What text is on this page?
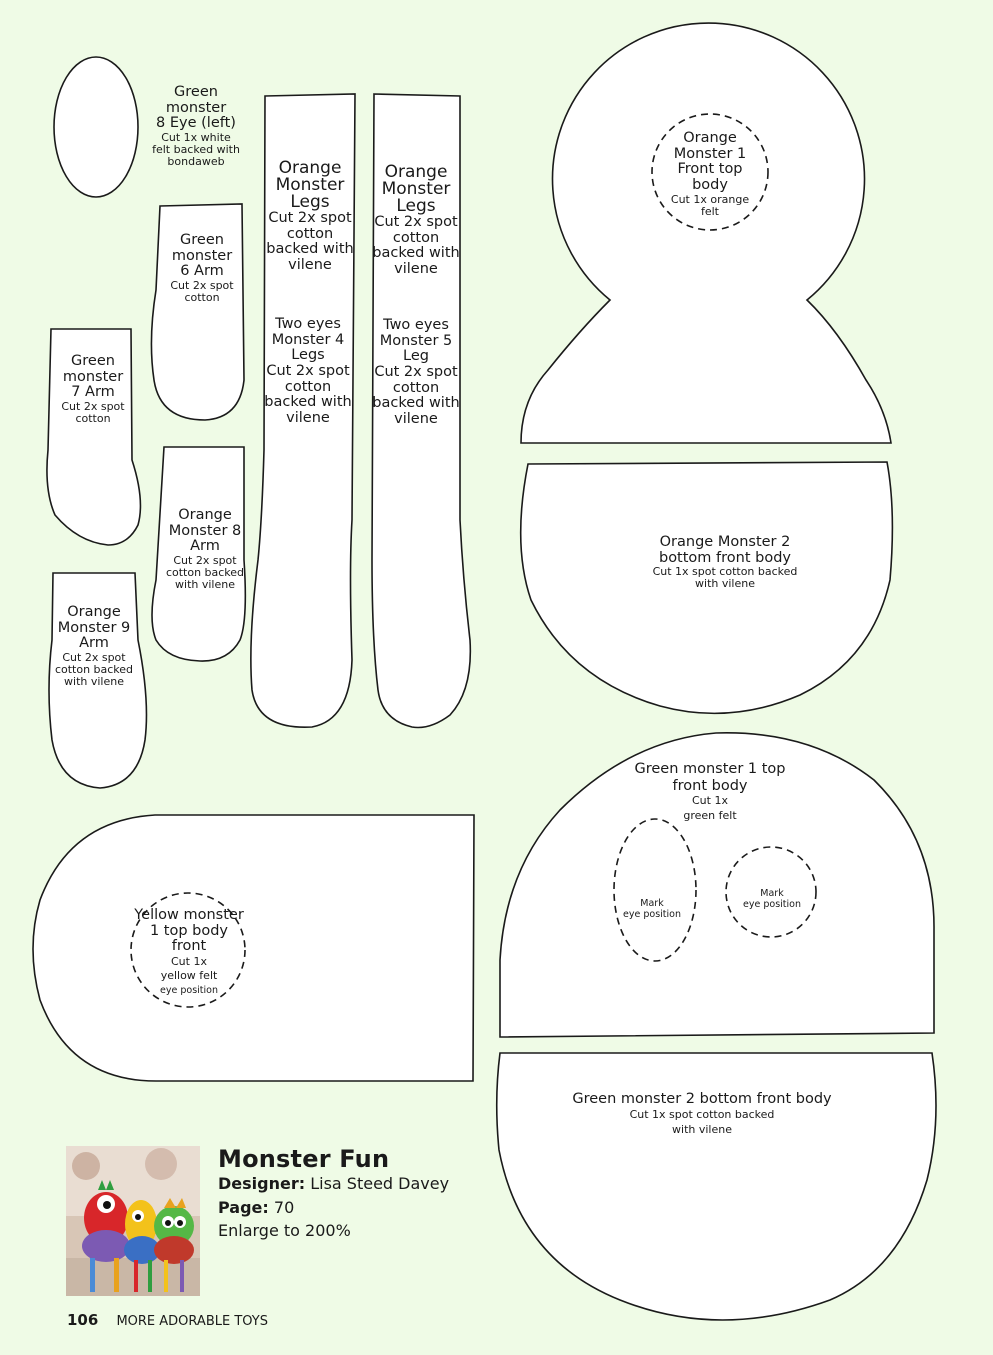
Green monster
8 Eye (left)
Cut 1x white
felt backed with
bondaweb
Green
monster
6 Arm
Cut 2x spot
cotton
Green
monster
7 Arm
Cut 2x spot
cotton
Orange
Monster 8
Arm
Cut 2x spot
cotton backed
with vilene
Orange
Monster 9
Arm
Cut 2x spot
cotton backed
with vilene
Orange
Monster
Legs
Cut 2x spot
cotton
backed with
vilene
Two eyes
Monster 4
Legs
Cut 2x spot
cotton
backed with
vilene
Orange
Monster
Legs
Cut 2x spot
cotton
backed with
vilene
Two eyes
Monster 5
Leg
Cut 2x spot
cotton
backed with
vilene
Orange
Monster 1
Front top
body
Cut 1x orange
felt
Orange Monster 2
bottom front body
Cut 1x spot cotton backed
with vilene
Green monster 1 top
front body
Cut 1x
green felt
Mark
eye position
Mark
eye position
Yellow monster
1 top body
front
Cut 1x
yellow felt
eye position
Green monster 2 bottom front body
Cut 1x spot cotton backed
with vilene
Monster Fun
Designer: Lisa Steed Davey
Page: 70
Enlarge to 200%
106 MORE ADORABLE TOYS
